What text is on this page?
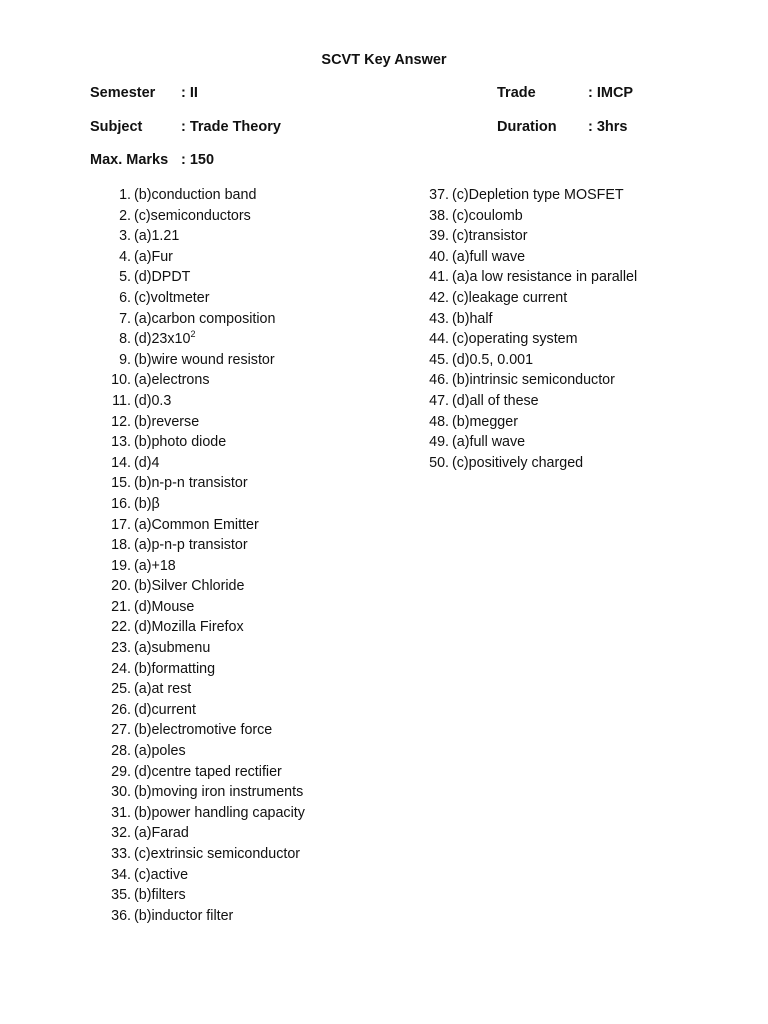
SCVT Key Answer
Semester : II	Trade	: IMCP
Subject	: Trade Theory	Duration : 3hrs
Max. Marks : 150
1. (b)conduction band
2. (c)semiconductors
3. (a)1.21
4. (a)Fur
5. (d)DPDT
6. (c)voltmeter
7. (a)carbon composition
8. $(d)23x10^2$
9. (b)wire wound resistor
10. (a)electrons
11. (d)0.3
12. (b)reverse
13. (b)photo diode
14. (d)4
15. (b)n-p-n transistor
16. (b)β
17. (a)Common Emitter
18. (a)p-n-p transistor
19. (a)+18
20. (b)Silver Chloride
21. (d)Mouse
22. (d)Mozilla Firefox
23. (a)submenu
24. (b)formatting
25. (a)at rest
26. (d)current
27. (b)electromotive force
28. (a)poles
29. (d)centre taped rectifier
30. (b)moving iron instruments
31. (b)power handling capacity
32. (a)Farad
33. (c)extrinsic semiconductor
34. (c)active
35. (b)filters
36. (b)inductor filter
37. (c)Depletion type MOSFET
38. (c)coulomb
39. (c)transistor
40. (a)full wave
41. (a)a low resistance in parallel
42. (c)leakage current
43. (b)half
44. (c)operating system
45. (d)0.5, 0.001
46. (b)intrinsic semiconductor
47. (d)all of these
48. (b)megger
49. (a)full wave
50. (c)positively charged
